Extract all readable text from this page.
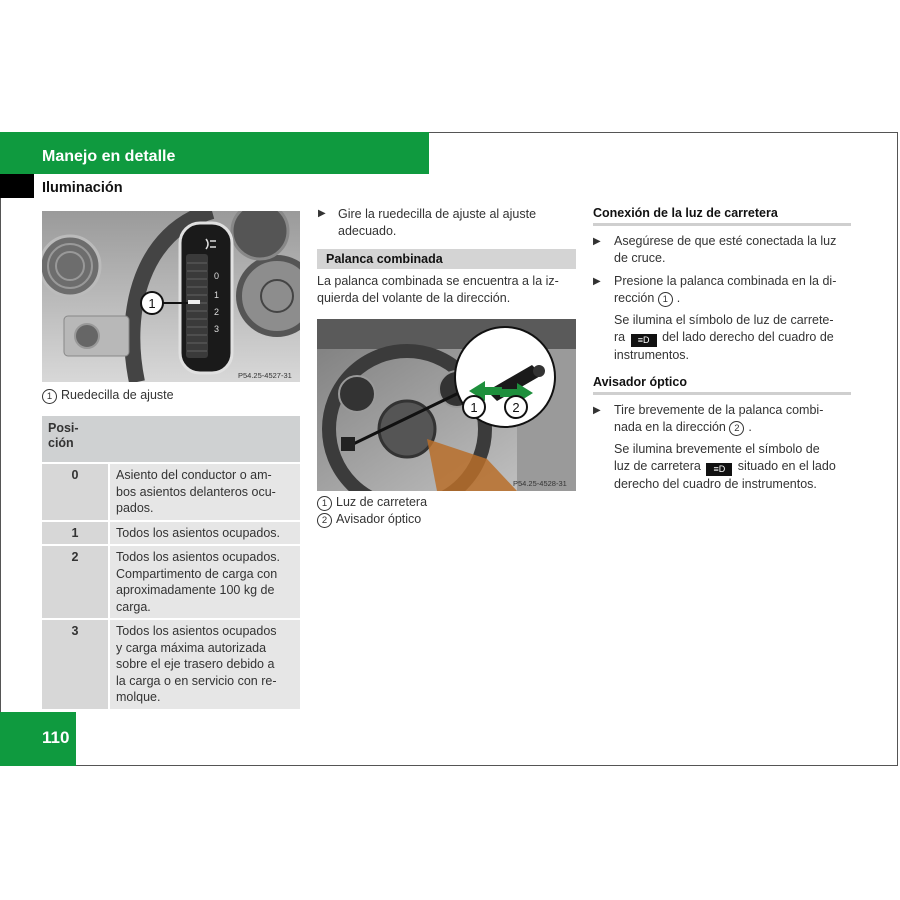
Manejo en detalle
Iluminación
0
1
2
3
1
P54.25-4527-31
1 Ruedecilla de ajuste
Posi-
ción	
0	Asiento del conductor o am-
bos asientos delanteros ocu-
pados.
1	Todos los asientos ocupados.
2	Todos los asientos ocupados.
Compartimento de carga con
aproximadamente 100 kg de
carga.
3	Todos los asientos ocupados
y carga máxima autorizada
sobre el eje trasero debido a
la carga o en servicio con re-
molque.
▶ Gire la ruedecilla de ajuste al ajuste
adecuado.
Palanca combinada
La palanca combinada se encuentra a la iz-
quierda del volante de la dirección.
1	2
P54.25-4528-31
1 Luz de carretera
2 Avisador óptico
Conexión de la luz de carretera
▶ Asegúrese de que esté conectada la luz
de cruce.
▶ Presione la palanca combinada en la di-
rección 1 .
Se ilumina el símbolo de luz de carrete-
ra ≡D del lado derecho del cuadro de
instrumentos.
Avisador óptico
▶ Tire brevemente de la palanca combi-
nada en la dirección 2 .
Se ilumina brevemente el símbolo de
luz de carretera ≡D situado en el lado
derecho del cuadro de instrumentos.
110
